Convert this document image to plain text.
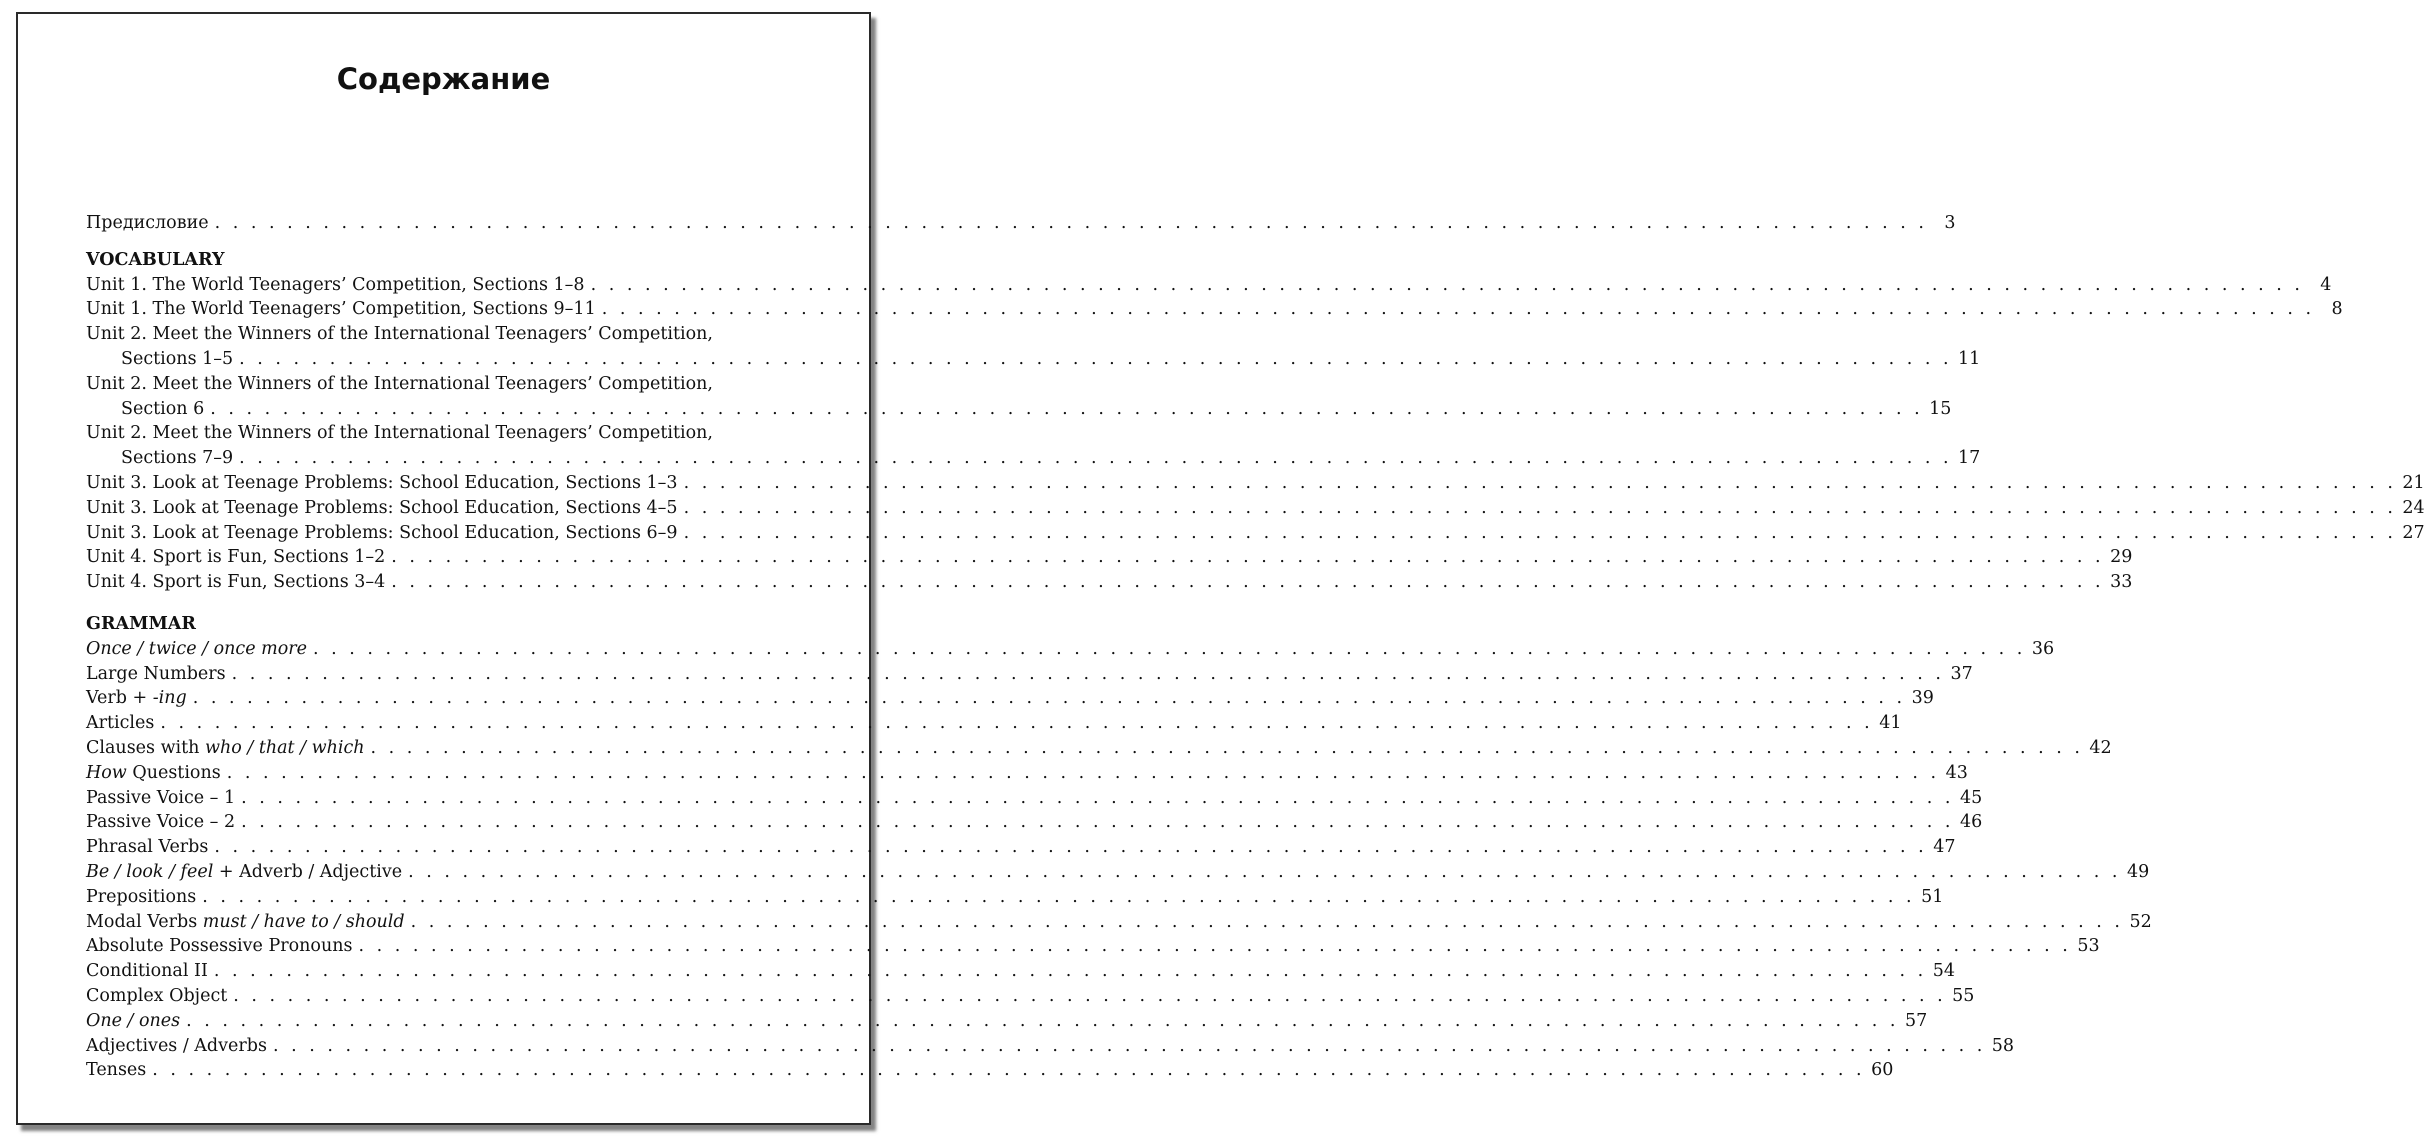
Содержание
Предисловие . . . . . . . . . . . . . . . . . . . . . . . . . . . . . . . . . . . . . . . . . . . . . . . . . . . . . . . . . . . . . . . . . . . . . . . . . . . . . . . . . . . . . . . . . . . . . . . 3
VOCABULARY
Unit 1. The World Teenagers’ Competition, Sections 1–8 . . . . . . . . . . . . . . . . . . . . . . . . . . . . . . . . . . . . . . . . . . . . . . . . . . . . . . . . . . . . . . . . . . . . . . . . . . . . . . . . . . . . . . . . . . . . . . . 4
Unit 1. The World Teenagers’ Competition, Sections 9–11 . . . . . . . . . . . . . . . . . . . . . . . . . . . . . . . . . . . . . . . . . . . . . . . . . . . . . . . . . . . . . . . . . . . . . . . . . . . . . . . . . . . . . . . . . . . . . . . 8
Unit 2. Meet the Winners of the International Teenagers’ Competition,
Sections 1–5 . . . . . . . . . . . . . . . . . . . . . . . . . . . . . . . . . . . . . . . . . . . . . . . . . . . . . . . . . . . . . . . . . . . . . . . . . . . . . . . . . . . . . . . . . . . . . . . 11
Unit 2. Meet the Winners of the International Teenagers’ Competition,
Section 6 . . . . . . . . . . . . . . . . . . . . . . . . . . . . . . . . . . . . . . . . . . . . . . . . . . . . . . . . . . . . . . . . . . . . . . . . . . . . . . . . . . . . . . . . . . . . . . . 15
Unit 2. Meet the Winners of the International Teenagers’ Competition,
Sections 7–9 . . . . . . . . . . . . . . . . . . . . . . . . . . . . . . . . . . . . . . . . . . . . . . . . . . . . . . . . . . . . . . . . . . . . . . . . . . . . . . . . . . . . . . . . . . . . . . . 17
Unit 3. Look at Teenage Problems: School Education, Sections 1–3 . . . . . . . . . . . . . . . . . . . . . . . . . . . . . . . . . . . . . . . . . . . . . . . . . . . . . . . . . . . . . . . . . . . . . . . . . . . . . . . . . . . . . . . . . . . . . . . 21
Unit 3. Look at Teenage Problems: School Education, Sections 4–5 . . . . . . . . . . . . . . . . . . . . . . . . . . . . . . . . . . . . . . . . . . . . . . . . . . . . . . . . . . . . . . . . . . . . . . . . . . . . . . . . . . . . . . . . . . . . . . . 24
Unit 3. Look at Teenage Problems: School Education, Sections 6–9 . . . . . . . . . . . . . . . . . . . . . . . . . . . . . . . . . . . . . . . . . . . . . . . . . . . . . . . . . . . . . . . . . . . . . . . . . . . . . . . . . . . . . . . . . . . . . . . 27
Unit 4. Sport is Fun, Sections 1–2 . . . . . . . . . . . . . . . . . . . . . . . . . . . . . . . . . . . . . . . . . . . . . . . . . . . . . . . . . . . . . . . . . . . . . . . . . . . . . . . . . . . . . . . . . . . . . . . 29
Unit 4. Sport is Fun, Sections 3–4 . . . . . . . . . . . . . . . . . . . . . . . . . . . . . . . . . . . . . . . . . . . . . . . . . . . . . . . . . . . . . . . . . . . . . . . . . . . . . . . . . . . . . . . . . . . . . . . 33
GRAMMAR
Once / twice / once more . . . . . . . . . . . . . . . . . . . . . . . . . . . . . . . . . . . . . . . . . . . . . . . . . . . . . . . . . . . . . . . . . . . . . . . . . . . . . . . . . . . . . . . . . . . . . . . 36
Large Numbers . . . . . . . . . . . . . . . . . . . . . . . . . . . . . . . . . . . . . . . . . . . . . . . . . . . . . . . . . . . . . . . . . . . . . . . . . . . . . . . . . . . . . . . . . . . . . . . 37
Verb + -ing . . . . . . . . . . . . . . . . . . . . . . . . . . . . . . . . . . . . . . . . . . . . . . . . . . . . . . . . . . . . . . . . . . . . . . . . . . . . . . . . . . . . . . . . . . . . . . . 39
Articles . . . . . . . . . . . . . . . . . . . . . . . . . . . . . . . . . . . . . . . . . . . . . . . . . . . . . . . . . . . . . . . . . . . . . . . . . . . . . . . . . . . . . . . . . . . . . . . 41
Clauses with who / that / which . . . . . . . . . . . . . . . . . . . . . . . . . . . . . . . . . . . . . . . . . . . . . . . . . . . . . . . . . . . . . . . . . . . . . . . . . . . . . . . . . . . . . . . . . . . . . . . 42
How Questions . . . . . . . . . . . . . . . . . . . . . . . . . . . . . . . . . . . . . . . . . . . . . . . . . . . . . . . . . . . . . . . . . . . . . . . . . . . . . . . . . . . . . . . . . . . . . . . 43
Passive Voice – 1 . . . . . . . . . . . . . . . . . . . . . . . . . . . . . . . . . . . . . . . . . . . . . . . . . . . . . . . . . . . . . . . . . . . . . . . . . . . . . . . . . . . . . . . . . . . . . . . 45
Passive Voice – 2 . . . . . . . . . . . . . . . . . . . . . . . . . . . . . . . . . . . . . . . . . . . . . . . . . . . . . . . . . . . . . . . . . . . . . . . . . . . . . . . . . . . . . . . . . . . . . . . 46
Phrasal Verbs . . . . . . . . . . . . . . . . . . . . . . . . . . . . . . . . . . . . . . . . . . . . . . . . . . . . . . . . . . . . . . . . . . . . . . . . . . . . . . . . . . . . . . . . . . . . . . . 47
Be / look / feel + Adverb / Adjective . . . . . . . . . . . . . . . . . . . . . . . . . . . . . . . . . . . . . . . . . . . . . . . . . . . . . . . . . . . . . . . . . . . . . . . . . . . . . . . . . . . . . . . . . . . . . . . 49
Prepositions . . . . . . . . . . . . . . . . . . . . . . . . . . . . . . . . . . . . . . . . . . . . . . . . . . . . . . . . . . . . . . . . . . . . . . . . . . . . . . . . . . . . . . . . . . . . . . . 51
Modal Verbs must / have to / should . . . . . . . . . . . . . . . . . . . . . . . . . . . . . . . . . . . . . . . . . . . . . . . . . . . . . . . . . . . . . . . . . . . . . . . . . . . . . . . . . . . . . . . . . . . . . . . 52
Absolute Possessive Pronouns . . . . . . . . . . . . . . . . . . . . . . . . . . . . . . . . . . . . . . . . . . . . . . . . . . . . . . . . . . . . . . . . . . . . . . . . . . . . . . . . . . . . . . . . . . . . . . . 53
Conditional II . . . . . . . . . . . . . . . . . . . . . . . . . . . . . . . . . . . . . . . . . . . . . . . . . . . . . . . . . . . . . . . . . . . . . . . . . . . . . . . . . . . . . . . . . . . . . . . 54
Complex Object . . . . . . . . . . . . . . . . . . . . . . . . . . . . . . . . . . . . . . . . . . . . . . . . . . . . . . . . . . . . . . . . . . . . . . . . . . . . . . . . . . . . . . . . . . . . . . . 55
One / ones . . . . . . . . . . . . . . . . . . . . . . . . . . . . . . . . . . . . . . . . . . . . . . . . . . . . . . . . . . . . . . . . . . . . . . . . . . . . . . . . . . . . . . . . . . . . . . . 57
Adjectives / Adverbs . . . . . . . . . . . . . . . . . . . . . . . . . . . . . . . . . . . . . . . . . . . . . . . . . . . . . . . . . . . . . . . . . . . . . . . . . . . . . . . . . . . . . . . . . . . . . . . 58
Tenses . . . . . . . . . . . . . . . . . . . . . . . . . . . . . . . . . . . . . . . . . . . . . . . . . . . . . . . . . . . . . . . . . . . . . . . . . . . . . . . . . . . . . . . . . . . . . . . 60
